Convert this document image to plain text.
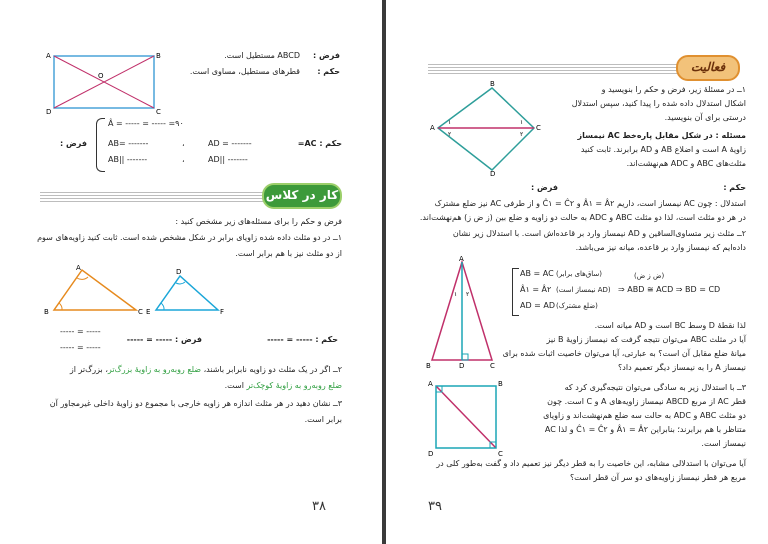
A	B
C
D
O
فرض :
ABCD مستطیل است.
حکم :
قطرهای مستطیل، مساوی است.
حکم : AC=
فرض :
Â = ----- = ----- =۹۰
AB= -------	،	AD = -------
AB|| -------	،	AD|| -------
کار در کلاس
فرض و حکم را برای مسئله‌های زیر مشخص کنید :
۱ــ در دو مثلث داده شده زاویای برابر در شکل مشخص شده است. ثابت کنید زاویه‌های سوم
از دو مثلث نیز با هم برابر است.
A
B	C
D
E	F
حکم : ----- = -----
فرض : ----- = -----
----- = -----
----- = -----
۲ــ اگر در یک مثلث دو زاویه نابرابر باشند، ضلع روبه‌رو به زاویهٔ بزرگ‌تر، بزرگ‌تر از
ضلع روبه‌رو به زاویهٔ کوچک‌تر است.
۳ــ نشان دهید در هر مثلث اندازه هر زاویه خارجی با مجموع دو زاویهٔ داخلی غیرمجاور آن
برابر است.
۳۸
فعالیت
A
B
C
D
۱
۲
۱
۲
۱ــ در مسئلهٔ زیر، فرض و حکم را بنویسید و
اشکال استدلال داده شده را پیدا کنید، سپس استدلال
درستی برای آن بنویسید.
مسئله : در شکل مقابل پاره‌خط AC نیمساز
زاویهٔ A است و اضلاع AB و AD برابرند. ثابت کنید
مثلث‌های ABC و ADC هم‌نهشت‌اند.
حکم :
فرض :
استدلال : چون AC نیمساز است، داریم Â۱ = Â۲ و Ĉ۱ = Ĉ۲ و از طرفی AC نیز ضلع مشترک
در هر دو مثلث است، لذا دو مثلث ABC و ADC به حالت دو زاویه و ضلع بین (ز ض ز) هم‌نهشت‌اند.
۲ــ مثلث زیر متساوی‌الساقین و AD نیمساز وارد بر قاعده‌اش است. با استدلال زیر نشان
داده‌ایم که نیمساز وارد بر قاعده، میانه نیز می‌باشد.
A
B	D	C
۱ ۲
AB = AC (ساق‌های برابر)
Â۱ = Â۲ (AD نیمساز است)
AD = AD (ضلع مشترک)
(ض ز ض)
⇒ ABD ≅ ACD ⇒ BD = CD
لذا نقطهٔ D وسط BC است و AD میانه است.
آیا در مثلث ABC می‌توان نتیجه گرفت که نیمساز زاویهٔ B نیز
میانهٔ ضلع مقابل آن است؟ به عبارتی، آیا می‌توان خاصیت اثبات شده برای
نیمساز A را به نیمساز دیگر تعمیم داد؟
A	B
C
D
۳ــ با استدلال زیر به سادگی می‌توان نتیجه‌گیری کرد که
قطر AC از مربع ABCD نیمساز زاویه‌های A و C است. چون
دو مثلث ABC و ADC به حالت سه ضلع هم‌نهشت‌اند و زاویای
متناظر با هم برابرند؛ بنابراین Â۱ = Â۲ و Ĉ۱ = Ĉ۲ و لذا AC
نیمساز است.
آیا می‌توان با استدلالی مشابه، این خاصیت را به قطر دیگر نیز تعمیم داد و گفت به‌طور کلی در
مربع هر قطر نیمساز زاویه‌های دو سر آن قطر است؟
۳۹
